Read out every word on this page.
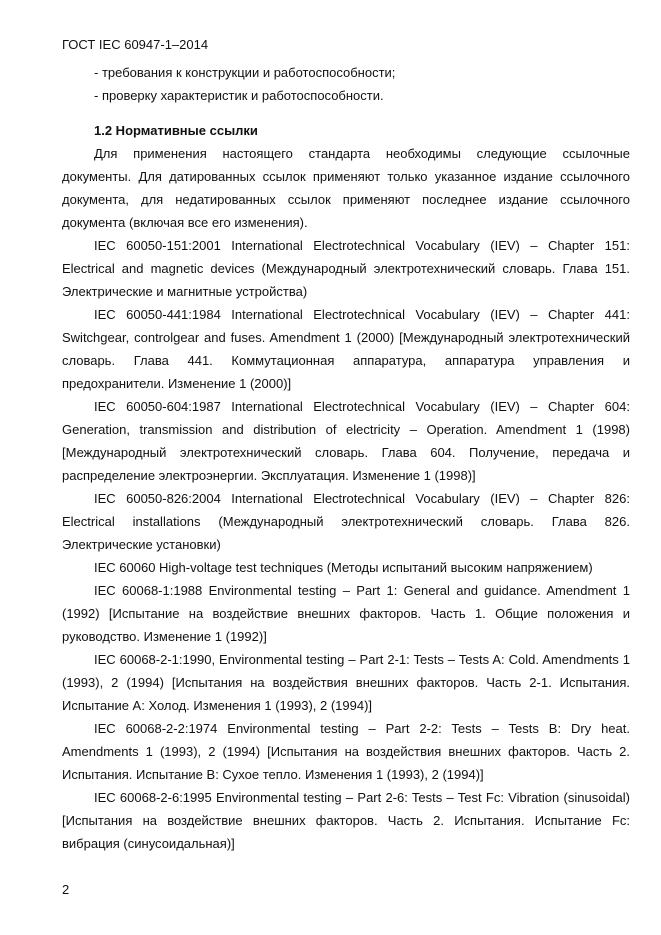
ГОСТ IEC 60947-1–2014

- требования к конструкции и работоспособности;

- проверку характеристик и работоспособности.

1.2 Нормативные ссылки

Для применения настоящего стандарта необходимы следующие ссылочные документы. Для датированных ссылок применяют только указанное издание ссылочного документа, для недатированных ссылок применяют последнее издание ссылочного документа (включая все его изменения).

IEC 60050-151:2001 International Electrotechnical Vocabulary (IEV) – Chapter 151: Electrical and magnetic devices (Международный электротехнический словарь. Глава 151. Электрические и магнитные устройства)

IEC 60050-441:1984 International Electrotechnical Vocabulary (IEV) – Chapter 441: Switchgear, controlgear and fuses. Amendment 1 (2000) [Международный электротехнический словарь. Глава 441. Коммутационная аппаратура, аппаратура управления и предохранители. Изменение 1 (2000)]

IEC 60050-604:1987 International Electrotechnical Vocabulary (IEV) – Chapter 604: Generation, transmission and distribution of electricity – Operation. Amendment 1 (1998) [Международный электротехнический словарь. Глава 604. Получение, передача и распределение электроэнергии. Эксплуатация. Изменение 1 (1998)]

IEC 60050-826:2004 International Electrotechnical Vocabulary (IEV) – Chapter 826: Electrical installations (Международный электротехнический словарь. Глава 826. Электрические установки)

IEC 60060 High-voltage test techniques (Методы испытаний высоким напряжением)

IEC 60068-1:1988 Environmental testing – Part 1: General and guidance. Amendment 1 (1992) [Испытание на воздействие внешних факторов. Часть 1. Общие положения и руководство. Изменение 1 (1992)]

IEC 60068-2-1:1990, Environmental testing – Part 2-1: Tests – Tests A: Cold. Amendments 1 (1993), 2 (1994) [Испытания на воздействия внешних факторов. Часть 2-1. Испытания. Испытание А: Холод. Изменения 1 (1993), 2 (1994)]

IEC 60068-2-2:1974 Environmental testing – Part 2-2: Tests – Tests B: Dry heat. Amendments 1 (1993), 2 (1994) [Испытания на воздействия внешних факторов. Часть 2. Испытания. Испытание В: Сухое тепло. Изменения 1 (1993), 2 (1994)]

IEC 60068-2-6:1995 Environmental testing – Part 2-6: Tests – Test Fc: Vibration (sinusoidal) [Испытания на воздействие внешних факторов. Часть 2. Испытания. Испытание Fc: вибрация (синусоидальная)]

2
